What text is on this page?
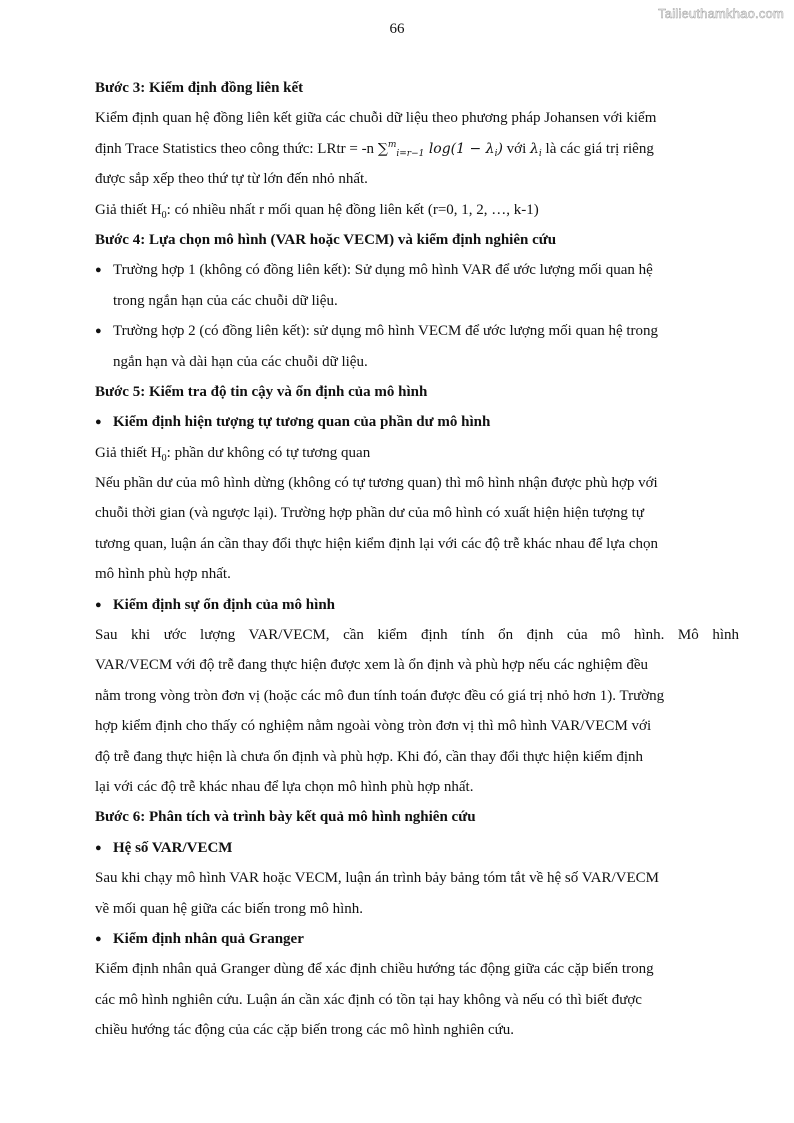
Tailieuthamkhao.com
66
Bước 3: Kiểm định đồng liên kết
Kiểm định quan hệ đồng liên kết giữa các chuỗi dữ liệu theo phương pháp Johansen với kiểm
định Trace Statistics theo công thức: LRtr = -n ∑$^m_{i=r-1}$ $\log(1 - \lambda_i)$ với $\lambda_i$ là các giá trị riêng
được sắp xếp theo thứ tự từ lớn đến nhỏ nhất.
Giả thiết $H_0$: có nhiều nhất r mối quan hệ đồng liên kết (r=0, 1, 2, …, k-1)
Bước 4: Lựa chọn mô hình (VAR hoặc VECM) và kiểm định nghiên cứu
● Trường hợp 1 (không có đồng liên kết): Sử dụng mô hình VAR để ước lượng mối quan hệ
trong ngắn hạn của các chuỗi dữ liệu.
● Trường hợp 2 (có đồng liên kết): sử dụng mô hình VECM để ước lượng mối quan hệ trong
ngắn hạn và dài hạn của các chuỗi dữ liệu.
Bước 5: Kiểm tra độ tin cậy và ổn định của mô hình
● Kiểm định hiện tượng tự tương quan của phần dư mô hình
Giả thiết $H_0$: phần dư không có tự tương quan
Nếu phần dư của mô hình dừng (không có tự tương quan) thì mô hình nhận được phù hợp với
chuỗi thời gian (và ngược lại). Trường hợp phần dư của mô hình có xuất hiện hiện tượng tự
tương quan, luận án cần thay đổi thực hiện kiểm định lại với các độ trễ khác nhau để lựa chọn
mô hình phù hợp nhất.
● Kiểm định sự ổn định của mô hình
Sau khi ước lượng VAR/VECM, cần kiểm định tính ổn định của mô hình. Mô hình
VAR/VECM với độ trễ đang thực hiện được xem là ổn định và phù hợp nếu các nghiệm đều
nằm trong vòng tròn đơn vị (hoặc các mô đun tính toán được đều có giá trị nhỏ hơn 1). Trường
hợp kiểm định cho thấy có nghiệm nằm ngoài vòng tròn đơn vị thì mô hình VAR/VECM với
độ trễ đang thực hiện là chưa ổn định và phù hợp. Khi đó, cần thay đổi thực hiện kiểm định
lại với các độ trễ khác nhau để lựa chọn mô hình phù hợp nhất.
Bước 6: Phân tích và trình bày kết quả mô hình nghiên cứu
● Hệ số VAR/VECM
Sau khi chạy mô hình VAR hoặc VECM, luận án trình bảy bảng tóm tắt về hệ số VAR/VECM
về mối quan hệ giữa các biến trong mô hình.
● Kiểm định nhân quả Granger
Kiểm định nhân quả Granger dùng để xác định chiều hướng tác động giữa các cặp biến trong
các mô hình nghiên cứu. Luận án cần xác định có tồn tại hay không và nếu có thì biết được
chiều hướng tác động của các cặp biến trong các mô hình nghiên cứu.
